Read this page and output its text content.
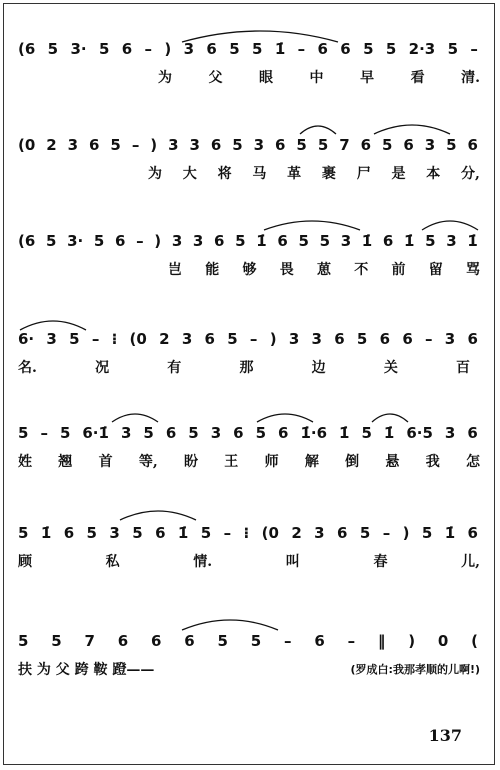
(6 5 3· 5 6 – ) 3 6 5 5 1̇ – 6 6 5 5 2·3 5 –
为	父	眼	中	早	看	清.
(0 2 3 6 5 – ) 3 3 6 5 3 6 5 5 7 6 5 6 3 5 6
为 大 将 马 革 裹 尸 是 本 分,
(6 5 3· 5 6 – ) 3 3 6 5 1̇ 6 5 5 3 1̇ 6 1̇ 5 3 1̇
岂 能 够 畏 葸 不 前 留 骂
6· 3 5 – ⁝ (0 2 3 6 5 – ) 3 3 6 5 6 6 – 3 6
名.	况	有	那	边	关	百
5 – 5 6·1̇ 3 5 6 5 3 6 5 6 1̇·6 1̇ 5 1̇ 6·5 3 6
姓 翘 首 等, 盼 王 师 解 倒 悬 我 怎
5 1̇ 6 5 3 5 6 1̇ 5 – ⁝ (0 2 3 6 5 – ) 5 1̇ 6
顾	私	情.	叫	春	儿,
5 5 7 6 6 6 5 5 – 6 – ‖ ) 0 (
扶 为 父 跨 鞍 蹬——	(罗成白:我那孝顺的儿啊!)
137
